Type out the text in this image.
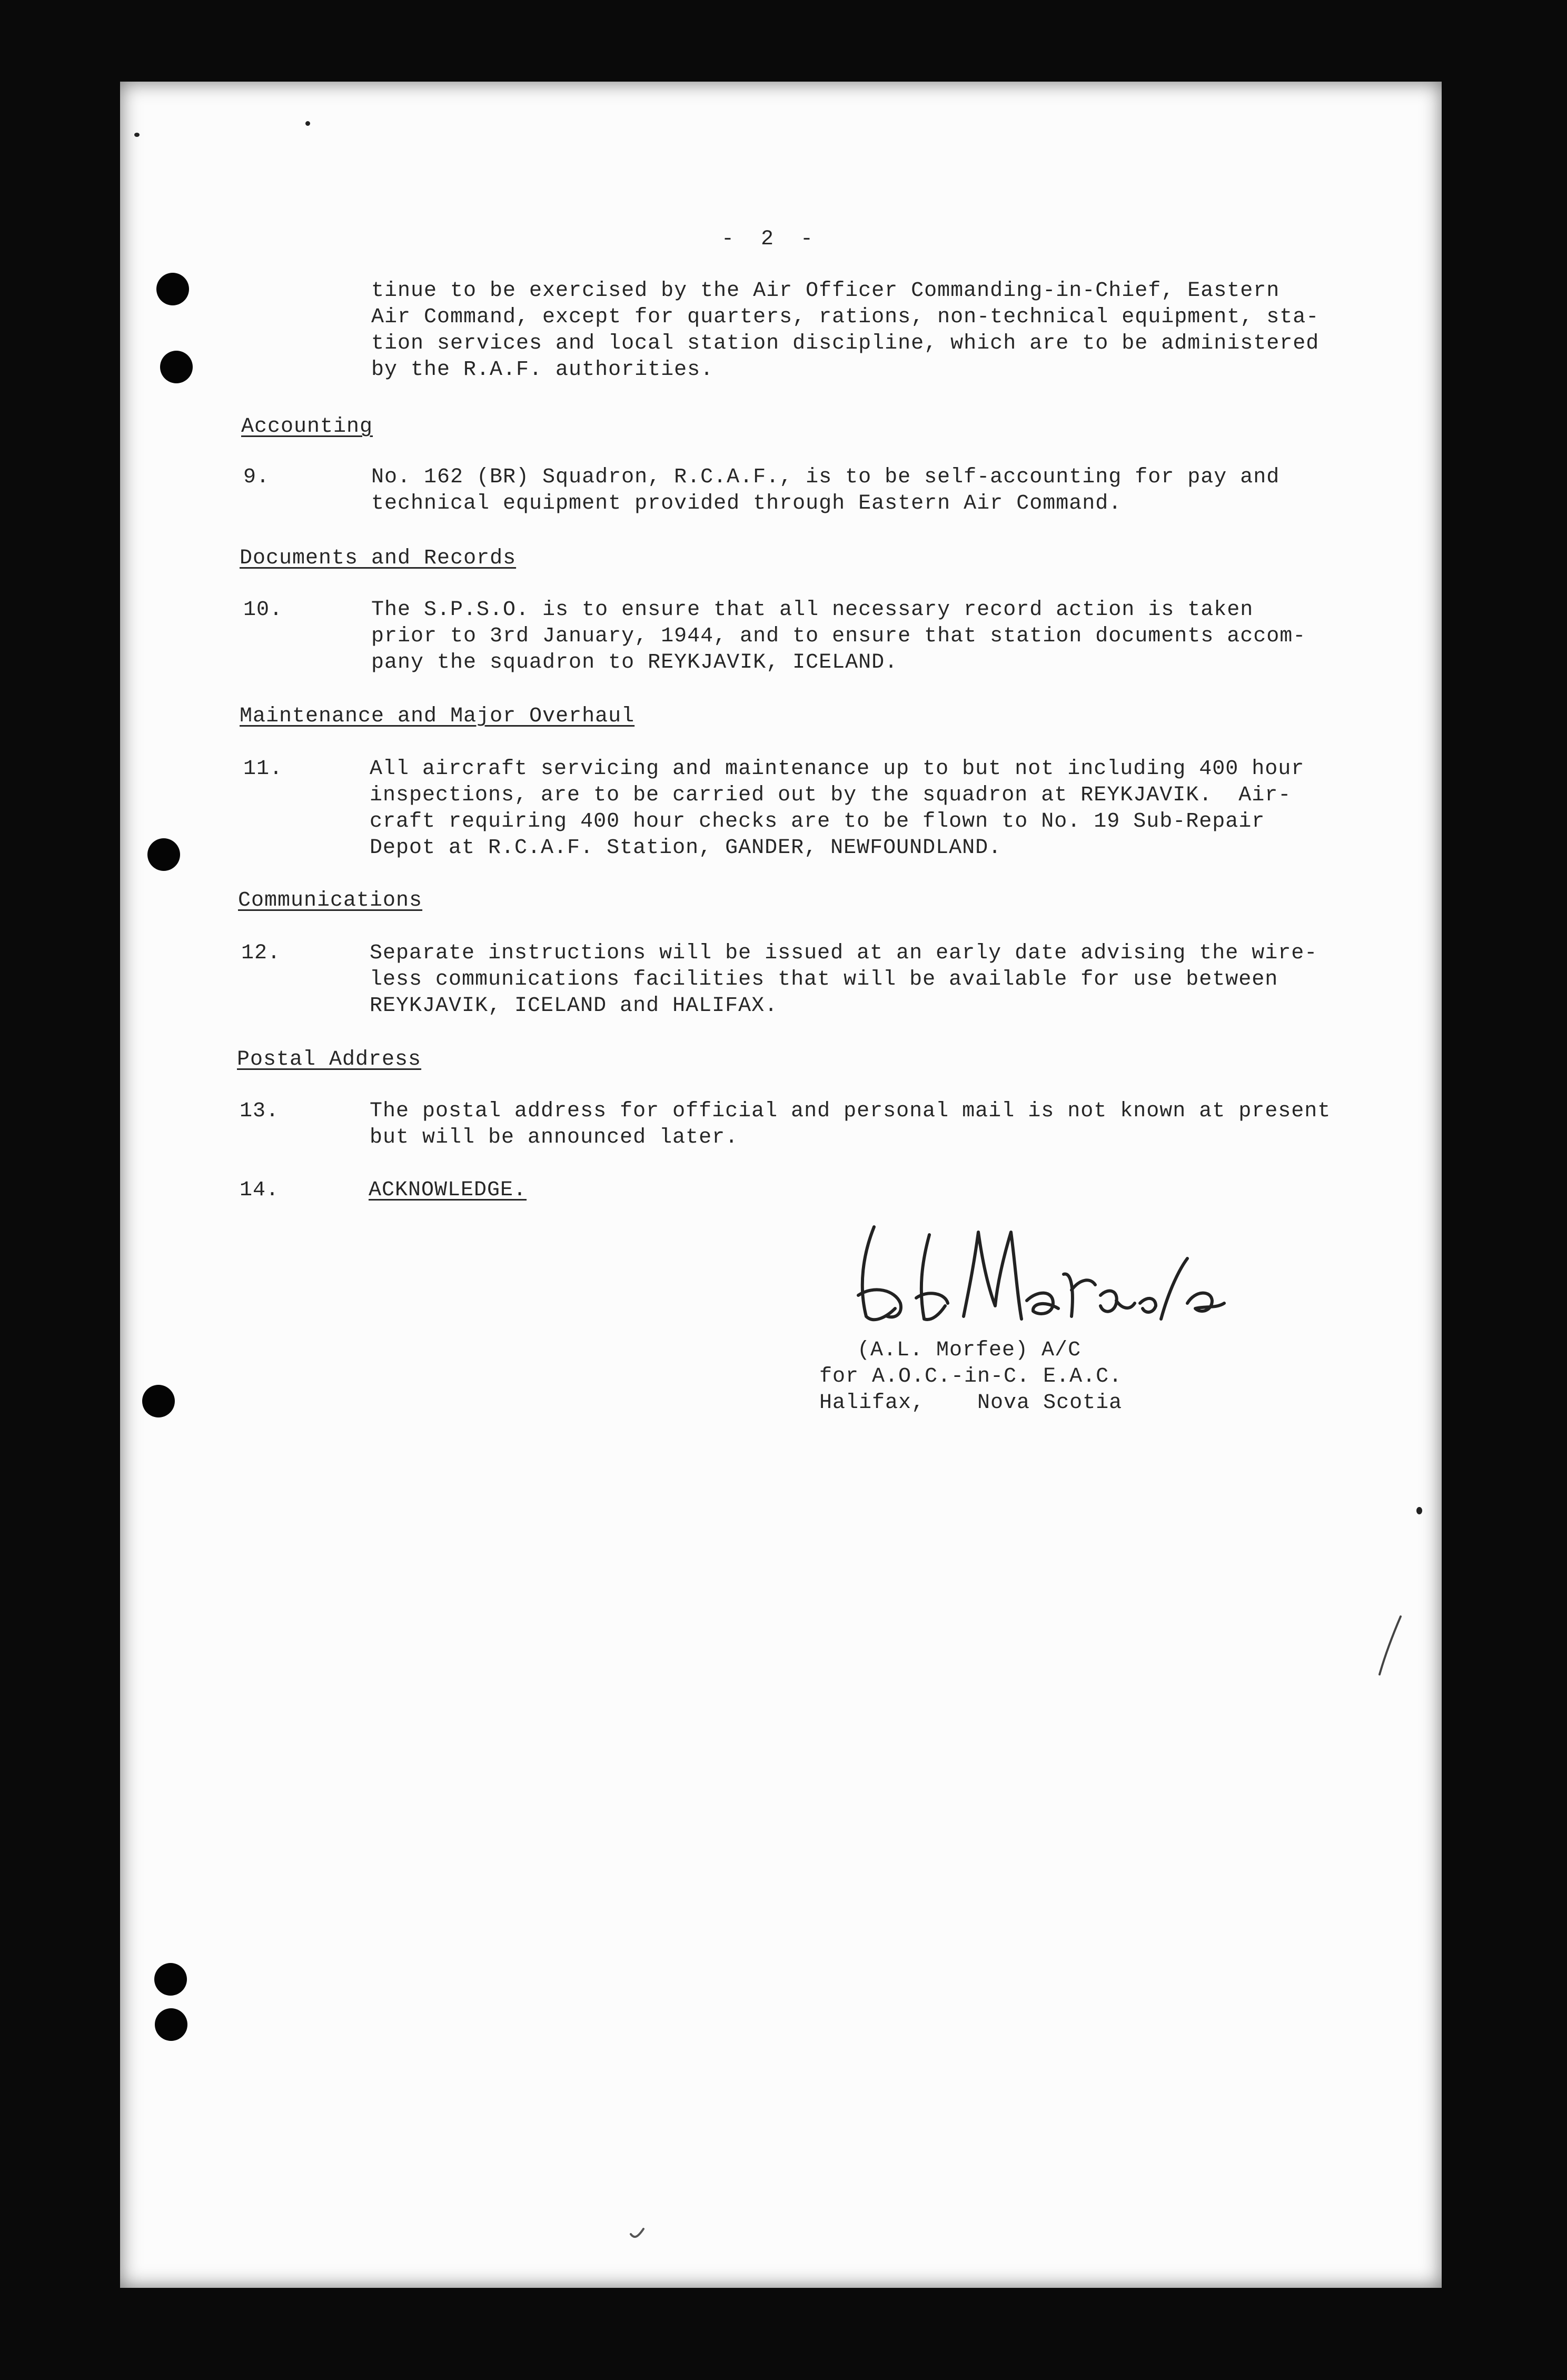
-  2  -
tinue to be exercised by the Air Officer Commanding-in-Chief, Eastern
Air Command, except for quarters, rations, non-technical equipment, sta-
tion services and local station discipline, which are to be administered
by the R.A.F. authorities.
Accounting
9.	No. 162 (BR) Squadron, R.C.A.F., is to be self-accounting for pay and
technical equipment provided through Eastern Air Command.
Documents and Records
10.	The S.P.S.O. is to ensure that all necessary record action is taken
prior to 3rd January, 1944, and to ensure that station documents accom-
pany the squadron to REYKJAVIK, ICELAND.
Maintenance and Major Overhaul
11.	All aircraft servicing and maintenance up to but not including 400 hour
inspections, are to be carried out by the squadron at REYKJAVIK.  Air-
craft requiring 400 hour checks are to be flown to No. 19 Sub-Repair
Depot at R.C.A.F. Station, GANDER, NEWFOUNDLAND.
Communications
12.	Separate instructions will be issued at an early date advising the wire-
less communications facilities that will be available for use between
REYKJAVIK, ICELAND and HALIFAX.
Postal Address
13.	The postal address for official and personal mail is not known at present
but will be announced later.
14.	ACKNOWLEDGE.
(A.L. Morfee) A/C
for A.O.C.-in-C. E.A.C.
Halifax,    Nova Scotia
